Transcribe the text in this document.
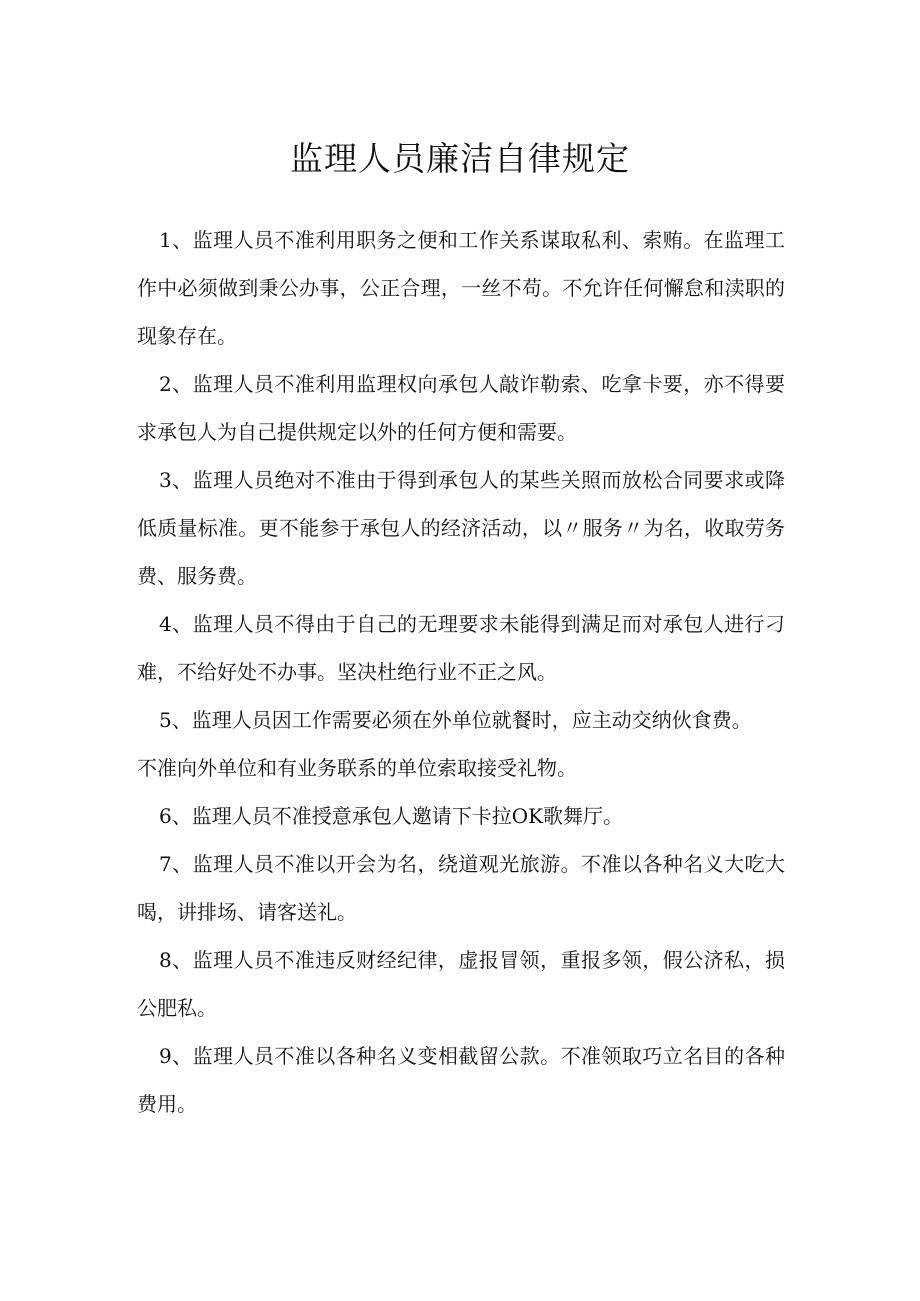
监理人员廉洁自律规定

1、监理人员不准利用职务之便和工作关系谋取私利、索贿。在监理工作中必须做到秉公办事，公正合理，一丝不苟。不允许任何懈怠和渎职的现象存在。

2、监理人员不准利用监理权向承包人敲诈勒索、吃拿卡要，亦不得要求承包人为自己提供规定以外的任何方便和需要。

3、监理人员绝对不准由于得到承包人的某些关照而放松合同要求或降低质量标准。更不能参于承包人的经济活动，以〃服务〃为名，收取劳务费、服务费。

4、监理人员不得由于自己的无理要求未能得到满足而对承包人进行刁难，不给好处不办事。坚决杜绝行业不正之风。

5、监理人员因工作需要必须在外单位就餐时，应主动交纳伙食费。

不准向外单位和有业务联系的单位索取接受礼物。

6、监理人员不准授意承包人邀请下卡拉OK歌舞厅。

7、监理人员不准以开会为名，绕道观光旅游。不准以各种名义大吃大喝，讲排场、请客送礼。

8、监理人员不准违反财经纪律，虚报冒领，重报多领，假公济私，损公肥私。

9、监理人员不准以各种名义变相截留公款。不准领取巧立名目的各种费用。
